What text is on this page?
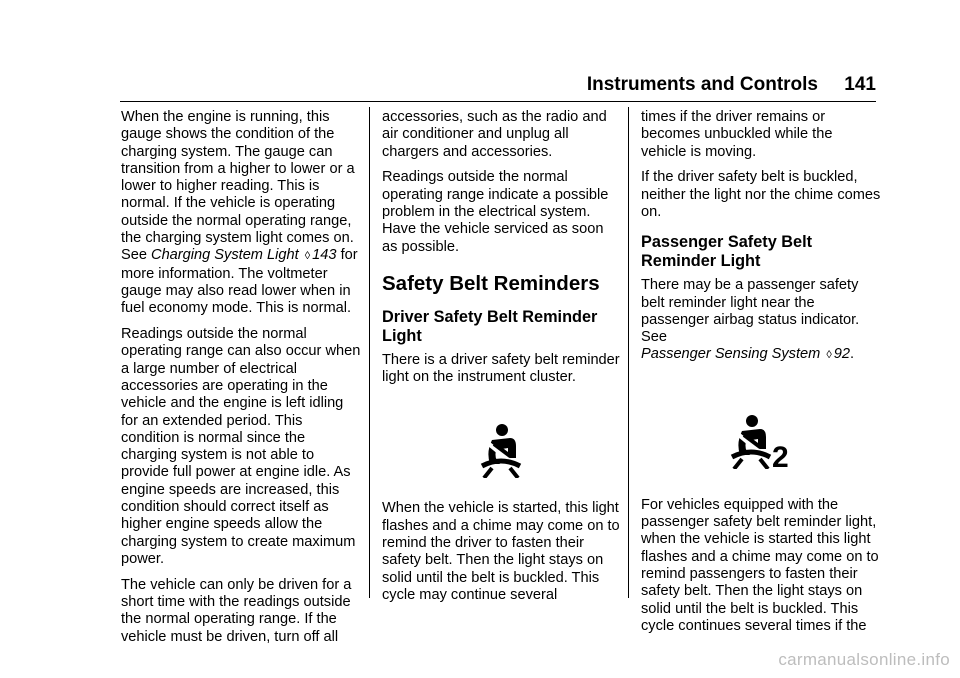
Instruments and Controls 141

When the engine is running, this gauge shows the condition of the charging system. The gauge can transition from a higher to lower or a lower to higher reading. This is normal. If the vehicle is operating outside the normal operating range, the charging system light comes on. See Charging System Light ◊ 143 for more information. The voltmeter gauge may also read lower when in fuel economy mode. This is normal.

Readings outside the normal operating range can also occur when a large number of electrical accessories are operating in the vehicle and the engine is left idling for an extended period. This condition is normal since the charging system is not able to provide full power at engine idle. As engine speeds are increased, this condition should correct itself as higher engine speeds allow the charging system to create maximum power.

The vehicle can only be driven for a short time with the readings outside the normal operating range. If the vehicle must be driven, turn off all

accessories, such as the radio and air conditioner and unplug all chargers and accessories.

Readings outside the normal operating range indicate a possible problem in the electrical system. Have the vehicle serviced as soon as possible.

Safety Belt Reminders
Driver Safety Belt Reminder Light

There is a driver safety belt reminder light on the instrument cluster.

When the vehicle is started, this light flashes and a chime may come on to remind the driver to fasten their safety belt. Then the light stays on solid until the belt is buckled. This cycle may continue several

times if the driver remains or becomes unbuckled while the vehicle is moving.

If the driver safety belt is buckled, neither the light nor the chime comes on.

Passenger Safety Belt Reminder Light

There may be a passenger safety belt reminder light near the passenger airbag status indicator. See Passenger Sensing System ◊ 92.

2

For vehicles equipped with the passenger safety belt reminder light, when the vehicle is started this light flashes and a chime may come on to remind passengers to fasten their safety belt. Then the light stays on solid until the belt is buckled. This cycle continues several times if the

carmanualsonline.info
